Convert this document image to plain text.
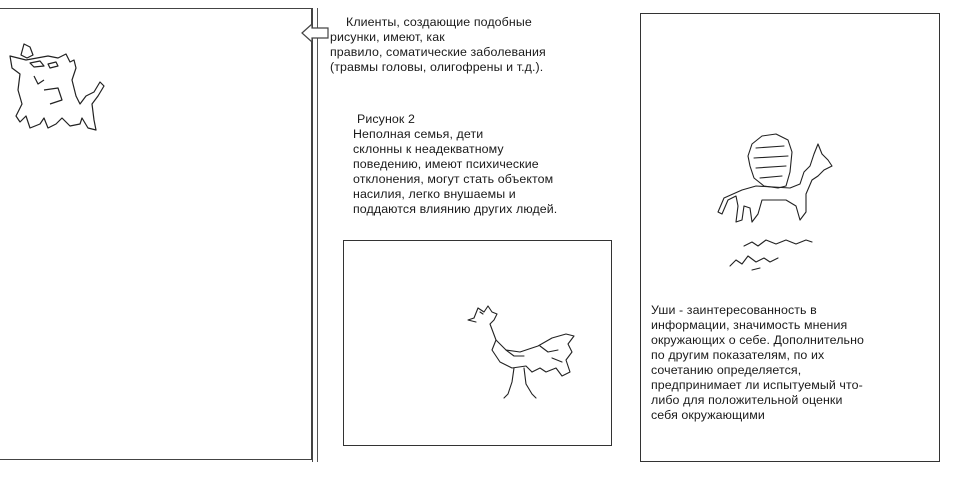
Клиенты, создающие подобные
рисунки, имеют, как
правило, соматические заболевания
(травмы головы, олигофрены и т.д.).
Рисунок 2
Неполная семья, дети
склонны к неадекватному
поведению, имеют психические
отклонения, могут стать объектом
насилия, легко внушаемы и
поддаются влиянию других людей.
Уши - заинтересованность в
информации, значимость мнения
окружающих о себе. Дополнительно
по другим показателям, по их
сочетанию определяется,
предпринимает ли испытуемый что-
либо для положительной оценки
себя окружающими
